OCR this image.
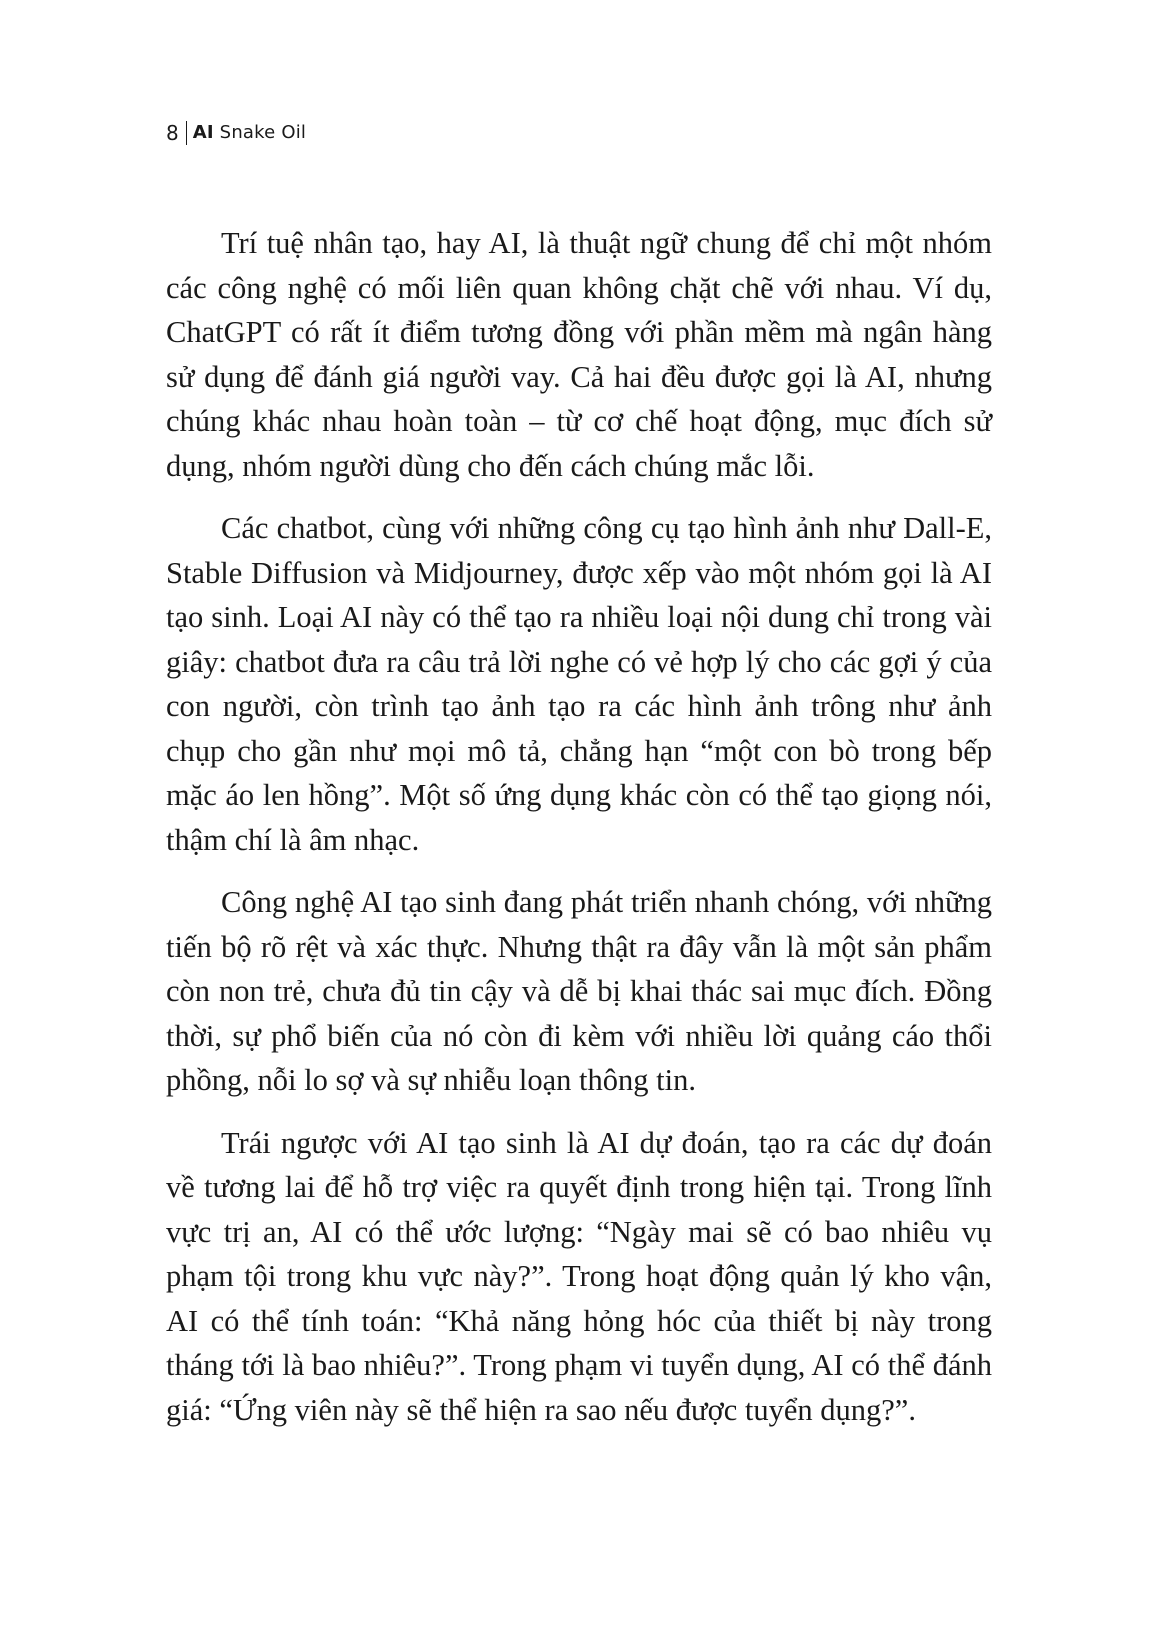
8 AI Snake Oil

Trí tuệ nhân tạo, hay AI, là thuật ngữ chung để chỉ một nhóm các công nghệ có mối liên quan không chặt chẽ với nhau. Ví dụ, ChatGPT có rất ít điểm tương đồng với phần mềm mà ngân hàng sử dụng để đánh giá người vay. Cả hai đều được gọi là AI, nhưng chúng khác nhau hoàn toàn – từ cơ chế hoạt động, mục đích sử dụng, nhóm người dùng cho đến cách chúng mắc lỗi.

Các chatbot, cùng với những công cụ tạo hình ảnh như Dall-E, Stable Diffusion và Midjourney, được xếp vào một nhóm gọi là AI tạo sinh. Loại AI này có thể tạo ra nhiều loại nội dung chỉ trong vài giây: chatbot đưa ra câu trả lời nghe có vẻ hợp lý cho các gợi ý của con người, còn trình tạo ảnh tạo ra các hình ảnh trông như ảnh chụp cho gần như mọi mô tả, chẳng hạn “một con bò trong bếp mặc áo len hồng”. Một số ứng dụng khác còn có thể tạo giọng nói, thậm chí là âm nhạc.

Công nghệ AI tạo sinh đang phát triển nhanh chóng, với những tiến bộ rõ rệt và xác thực. Nhưng thật ra đây vẫn là một sản phẩm còn non trẻ, chưa đủ tin cậy và dễ bị khai thác sai mục đích. Đồng thời, sự phổ biến của nó còn đi kèm với nhiều lời quảng cáo thổi phồng, nỗi lo sợ và sự nhiễu loạn thông tin.

Trái ngược với AI tạo sinh là AI dự đoán, tạo ra các dự đoán về tương lai để hỗ trợ việc ra quyết định trong hiện tại. Trong lĩnh vực trị an, AI có thể ước lượng: “Ngày mai sẽ có bao nhiêu vụ phạm tội trong khu vực này?”. Trong hoạt động quản lý kho vận, AI có thể tính toán: “Khả năng hỏng hóc của thiết bị này trong tháng tới là bao nhiêu?”. Trong phạm vi tuyển dụng, AI có thể đánh giá: “Ứng viên này sẽ thể hiện ra sao nếu được tuyển dụng?”.
